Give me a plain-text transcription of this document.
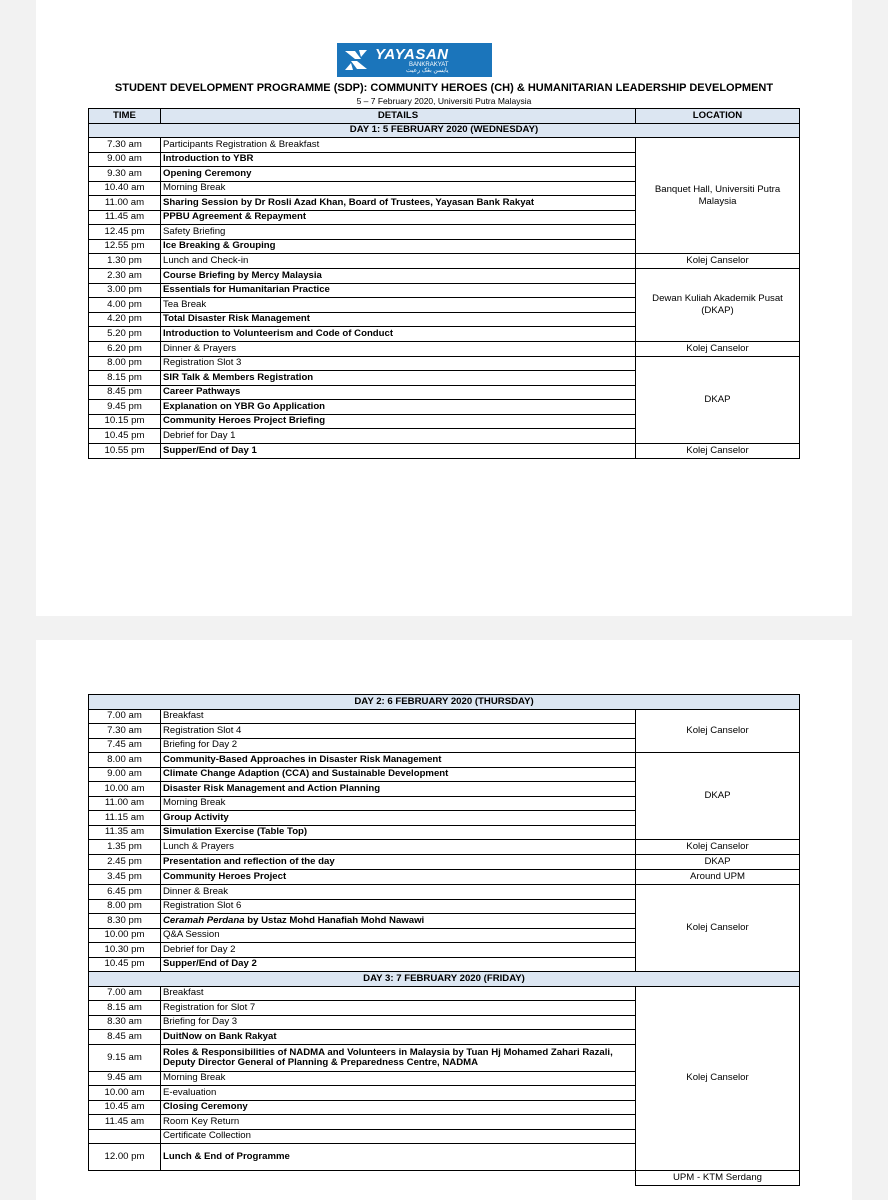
YAYASAN
BANKRAKYAT
يايسن بڠک رعيت
STUDENT DEVELOPMENT PROGRAMME (SDP): COMMUNITY HEROES (CH) & HUMANITARIAN LEADERSHIP DEVELOPMENT
5 – 7 February 2020, Universiti Putra Malaysia
TIME	DETAILS	LOCATION
DAY 1: 5 FEBRUARY 2020 (WEDNESDAY)		
7.30 am	Participants Registration & Breakfast	Banquet Hall, Universiti Putra Malaysia
9.00 am	Introduction to YBR	
9.30 am	Opening Ceremony	
10.40 am	Morning Break	
11.00 am	Sharing Session by Dr Rosli Azad Khan, Board of Trustees, Yayasan Bank Rakyat	
11.45 am	PPBU Agreement & Repayment	
12.45 pm	Safety Briefing	
12.55 pm	Ice Breaking & Grouping	
1.30 pm	Lunch and Check-in	Kolej Canselor
2.30 am	Course Briefing by Mercy Malaysia	Dewan Kuliah Akademik Pusat (DKAP)
3.00 pm	Essentials for Humanitarian Practice	
4.00 pm	Tea Break	
4.20 pm	Total Disaster Risk Management	
5.20 pm	Introduction to Volunteerism and Code of Conduct	
6.20 pm	Dinner & Prayers	Kolej Canselor
8.00 pm	Registration Slot 3	DKAP
8.15 pm	SIR Talk & Members Registration	
8.45 pm	Career Pathways	
9.45 pm	Explanation on YBR Go Application	
10.15 pm	Community Heroes Project Briefing	
10.45 pm	Debrief for Day 1	
10.55 pm	Supper/End of Day 1	Kolej Canselor
DAY 2: 6 FEBRUARY 2020 (THURSDAY)		
7.00 am	Breakfast	Kolej Canselor
7.30 am	Registration Slot 4	
7.45 am	Briefing for Day 2	
8.00 am	Community-Based Approaches in Disaster Risk Management	DKAP
9.00 am	Climate Change Adaption (CCA) and Sustainable Development	
10.00 am	Disaster Risk Management and Action Planning	
11.00 am	Morning Break	
11.15 am	Group Activity	
11.35 am	Simulation Exercise (Table Top)	
1.35 pm	Lunch & Prayers	Kolej Canselor
2.45 pm	Presentation and reflection of the day	DKAP
3.45 pm	Community Heroes Project	Around UPM
6.45 pm	Dinner & Break	Kolej Canselor
8.00 pm	Registration Slot 6	
8.30 pm	Ceramah Perdana by Ustaz Mohd Hanafiah Mohd Nawawi	
10.00 pm	Q&A Session	
10.30 pm	Debrief for Day 2	
10.45 pm	Supper/End of Day 2	
DAY 3: 7 FEBRUARY 2020 (FRIDAY)		
7.00 am	Breakfast	Kolej Canselor
8.15 am	Registration for Slot 7	
8.30 am	Briefing for Day 3	
8.45 am	DuitNow on Bank Rakyat	
9.15 am	Roles & Responsibilities of NADMA and Volunteers in Malaysia by Tuan Hj Mohamed Zahari Razali, Deputy Director General of Planning & Preparedness Centre, NADMA	
9.45 am	Morning Break	
10.00 am	E-evaluation	
10.45 am	Closing Ceremony	
11.45 am	Room Key Return	
	Certificate Collection	
12.00 pm	Lunch & End of Programme	
		UPM - KTM Serdang
